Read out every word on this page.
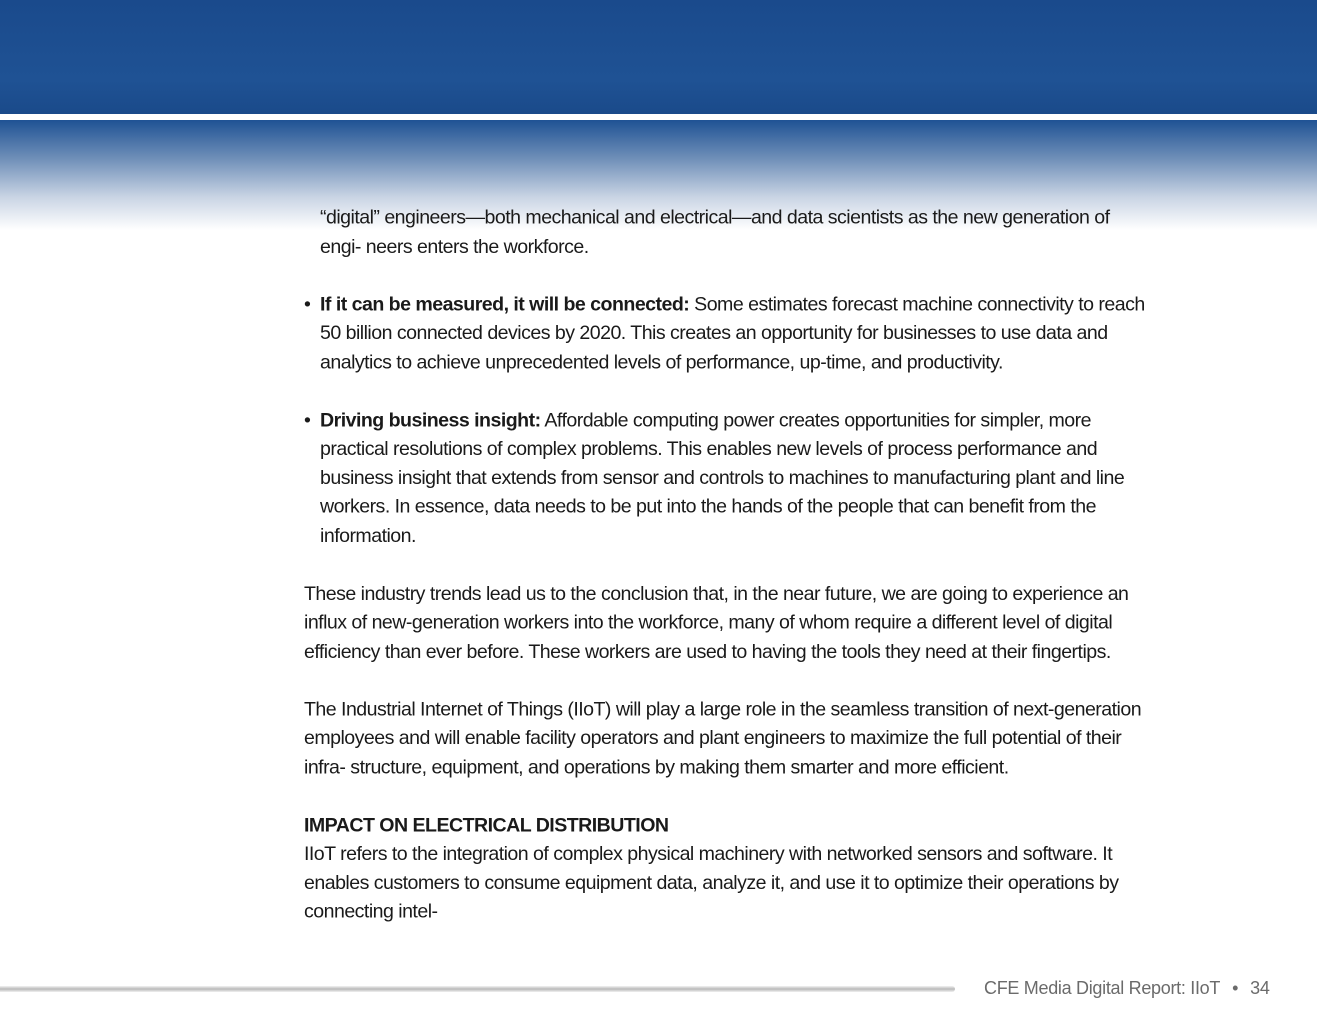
“digital” engineers—both mechanical and electrical—and data scientists as the new generation of engi- neers enters the workforce.

• If it can be measured, it will be connected: Some estimates forecast machine connectivity to reach 50 billion connected devices by 2020. This creates an opportunity for businesses to use data and analytics to achieve unprecedented levels of performance, up-time, and productivity.
• Driving business insight: Affordable computing power creates opportunities for simpler, more practical resolutions of complex problems. This enables new levels of process performance and business insight that extends from sensor and controls to machines to manufacturing plant and line workers. In essence, data needs to be put into the hands of the people that can benefit from the information.

These industry trends lead us to the conclusion that, in the near future, we are going to experience an influx of new-generation workers into the workforce, many of whom require a different level of digital efficiency than ever before. These workers are used to having the tools they need at their fingertips.

The Industrial Internet of Things (IIoT) will play a large role in the seamless transition of next-generation employees and will enable facility operators and plant engineers to maximize the full potential of their infra- structure, equipment, and operations by making them smarter and more efficient.

IMPACT ON ELECTRICAL DISTRIBUTION

IIoT refers to the integration of complex physical machinery with networked sensors and software. It enables customers to consume equipment data, analyze it, and use it to optimize their operations by connecting intel-

CFE Media Digital Report: IIoT • 34
